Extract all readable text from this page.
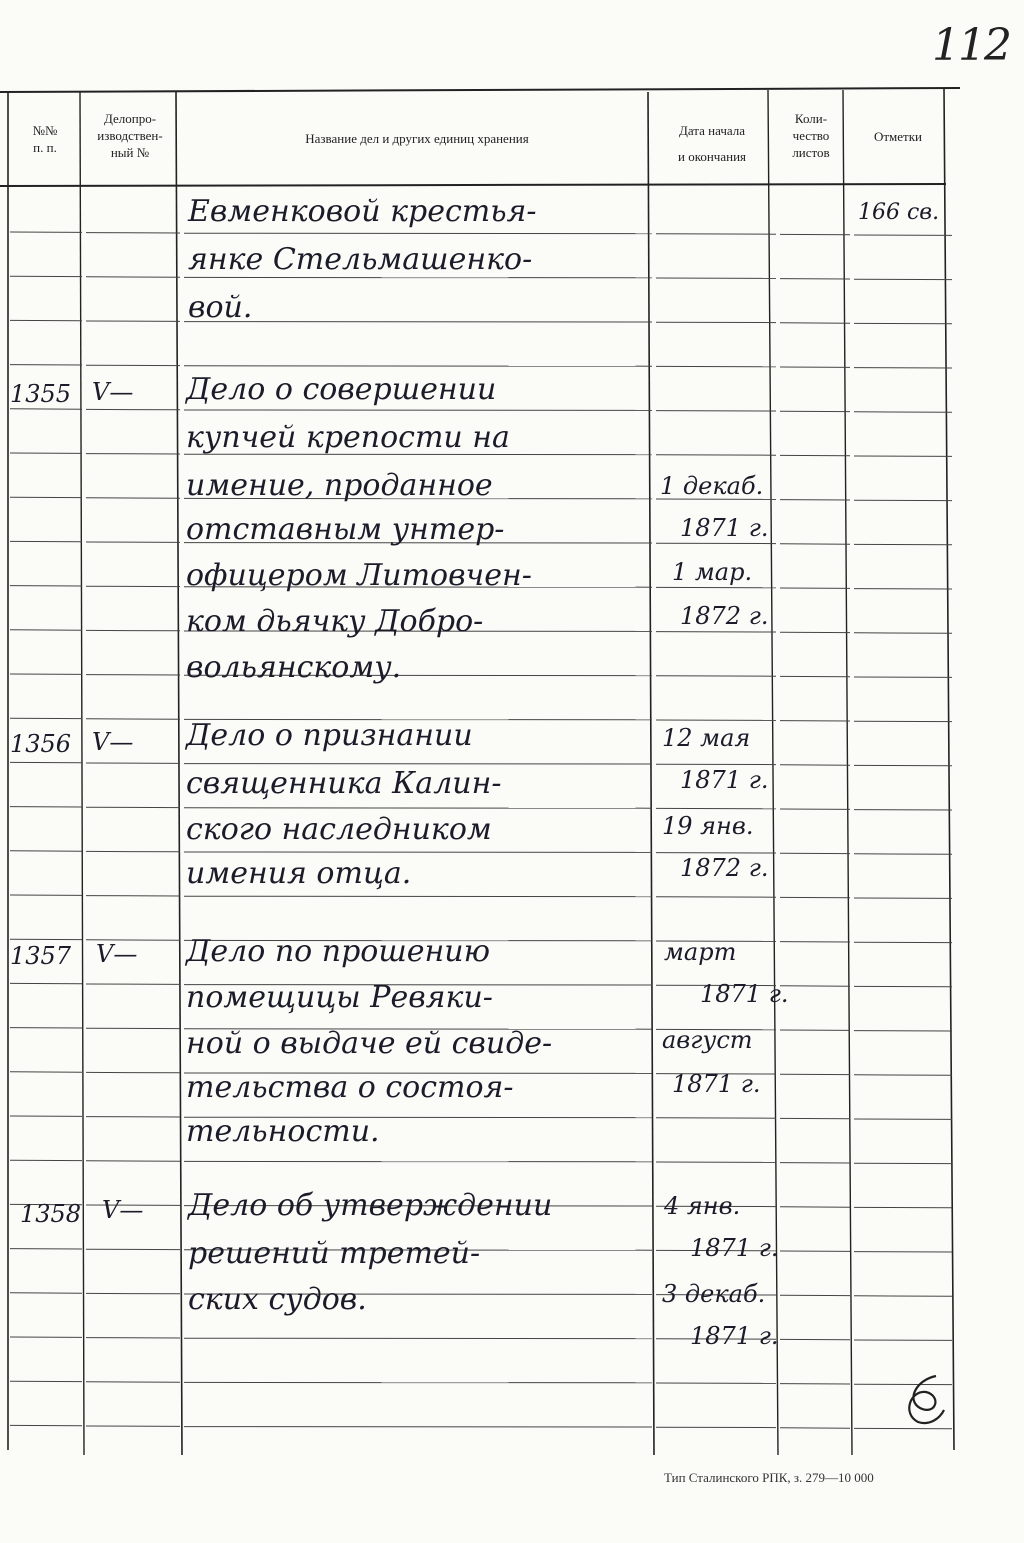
112
№№
п. п.
Делопро-
изводствен-
ный №
Название дел и других единиц хранения
Дата начала
и окончания
Коли-
чество
листов
Отметки
Евменковой крестья-
янке Стельмашенко-
вой.
166 св.
1355 V— Дело о совершении
купчей крепости на
имение, проданное
отставным унтер-
офицером Литовчен-
ком дьячку Добро-
вольянскому.
1 декаб.
1871 г.
1 мар.
1872 г.
1356 V— Дело о признании
священника Калин-
ского наследником
имения отца.
12 мая
1871 г.
19 янв.
1872 г.
1357 V— Дело по прошению
помещицы Ревяки-
ной о выдаче ей свиде-
тельства о состоя-
тельности.
март
1871 г.
август
1871 г.
1358 V— Дело об утверждении
решений третей-
ских судов.
4 янв.
1871 г.
3 декаб.
1871 г.
Тип Сталинского РПК, з. 279—10 000
